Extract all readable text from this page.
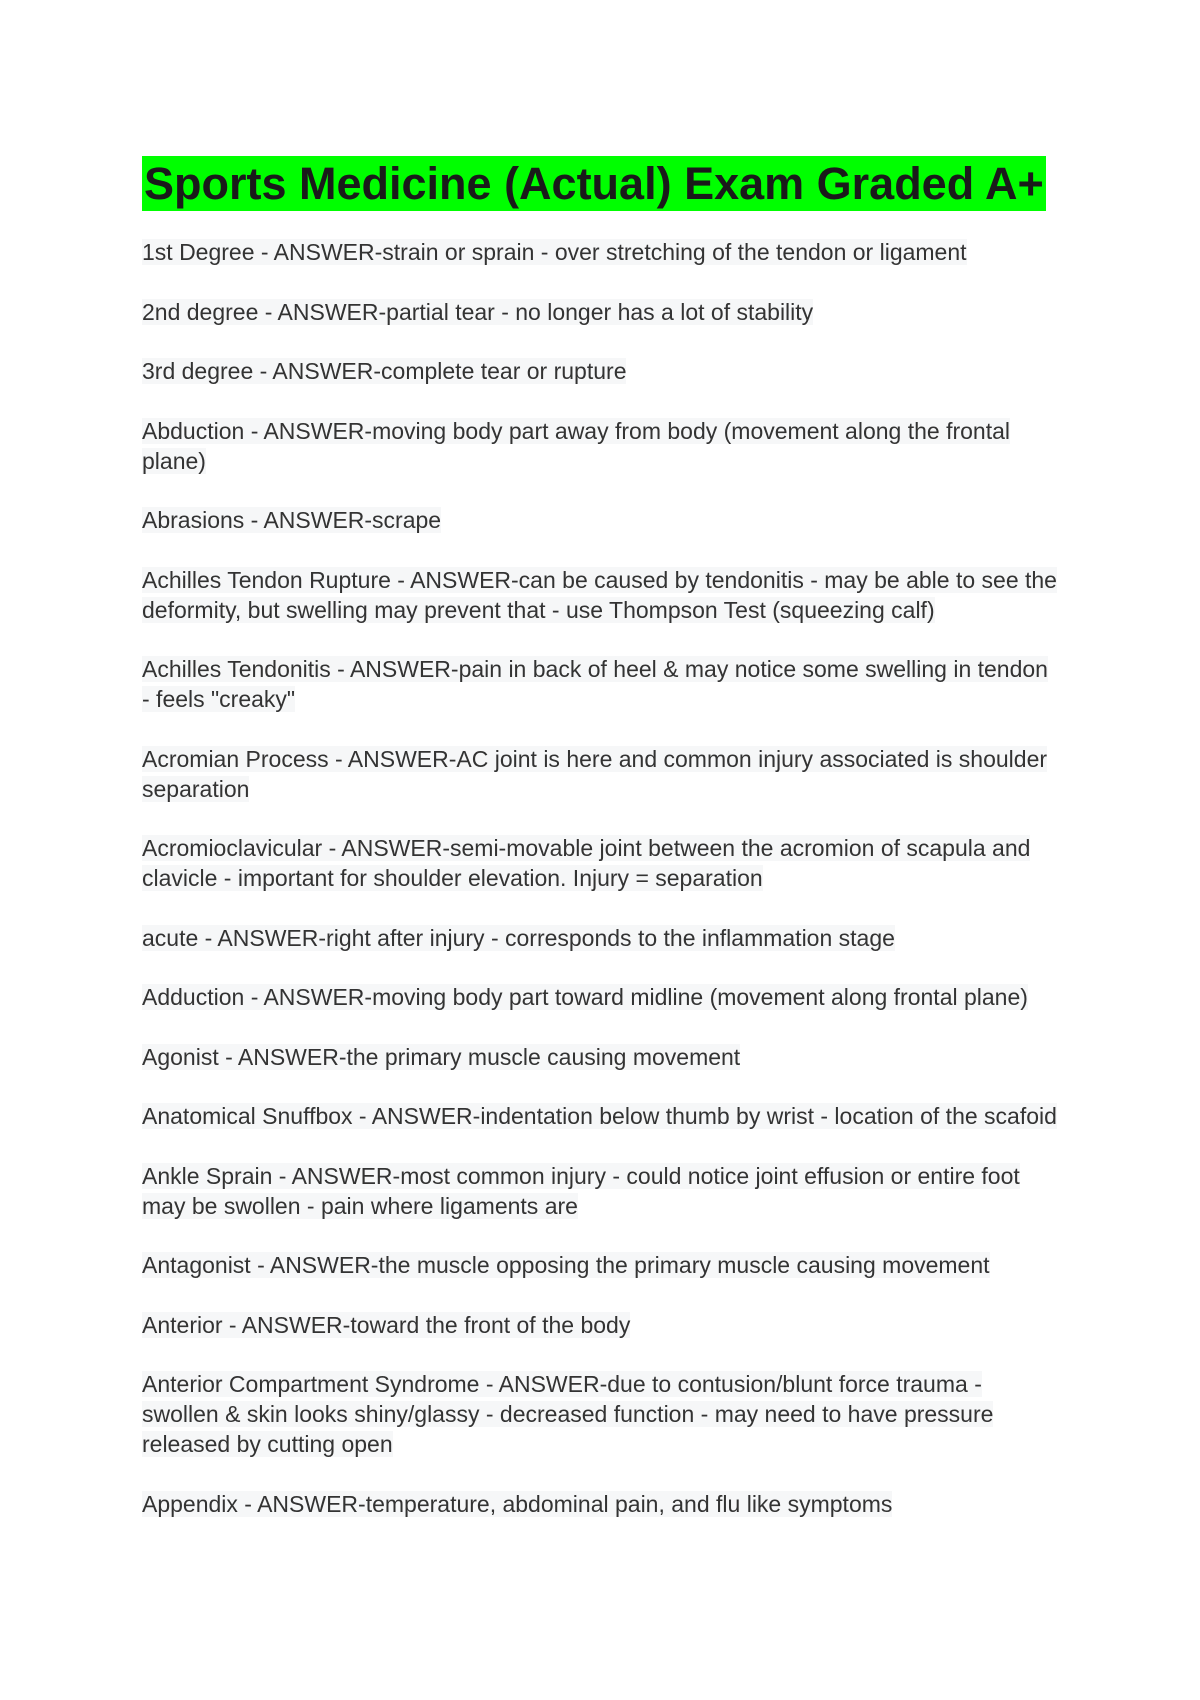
Sports Medicine (Actual) Exam Graded A+
1st Degree - ANSWER-strain or sprain - over stretching of the tendon or ligament
2nd degree - ANSWER-partial tear - no longer has a lot of stability
3rd degree - ANSWER-complete tear or rupture
Abduction - ANSWER-moving body part away from body (movement along the frontal plane)
Abrasions - ANSWER-scrape
Achilles Tendon Rupture - ANSWER-can be caused by tendonitis - may be able to see the deformity, but swelling may prevent that - use Thompson Test (squeezing calf)
Achilles Tendonitis - ANSWER-pain in back of heel & may notice some swelling in tendon - feels "creaky"
Acromian Process - ANSWER-AC joint is here and common injury associated is shoulder separation
Acromioclavicular - ANSWER-semi-movable joint between the acromion of scapula and clavicle - important for shoulder elevation. Injury = separation
acute - ANSWER-right after injury - corresponds to the inflammation stage
Adduction - ANSWER-moving body part toward midline (movement along frontal plane)
Agonist - ANSWER-the primary muscle causing movement
Anatomical Snuffbox - ANSWER-indentation below thumb by wrist - location of the scafoid
Ankle Sprain - ANSWER-most common injury - could notice joint effusion or entire foot may be swollen - pain where ligaments are
Antagonist - ANSWER-the muscle opposing the primary muscle causing movement
Anterior - ANSWER-toward the front of the body
Anterior Compartment Syndrome - ANSWER-due to contusion/blunt force trauma - swollen & skin looks shiny/glassy - decreased function - may need to have pressure released by cutting open
Appendix - ANSWER-temperature, abdominal pain, and flu like symptoms
